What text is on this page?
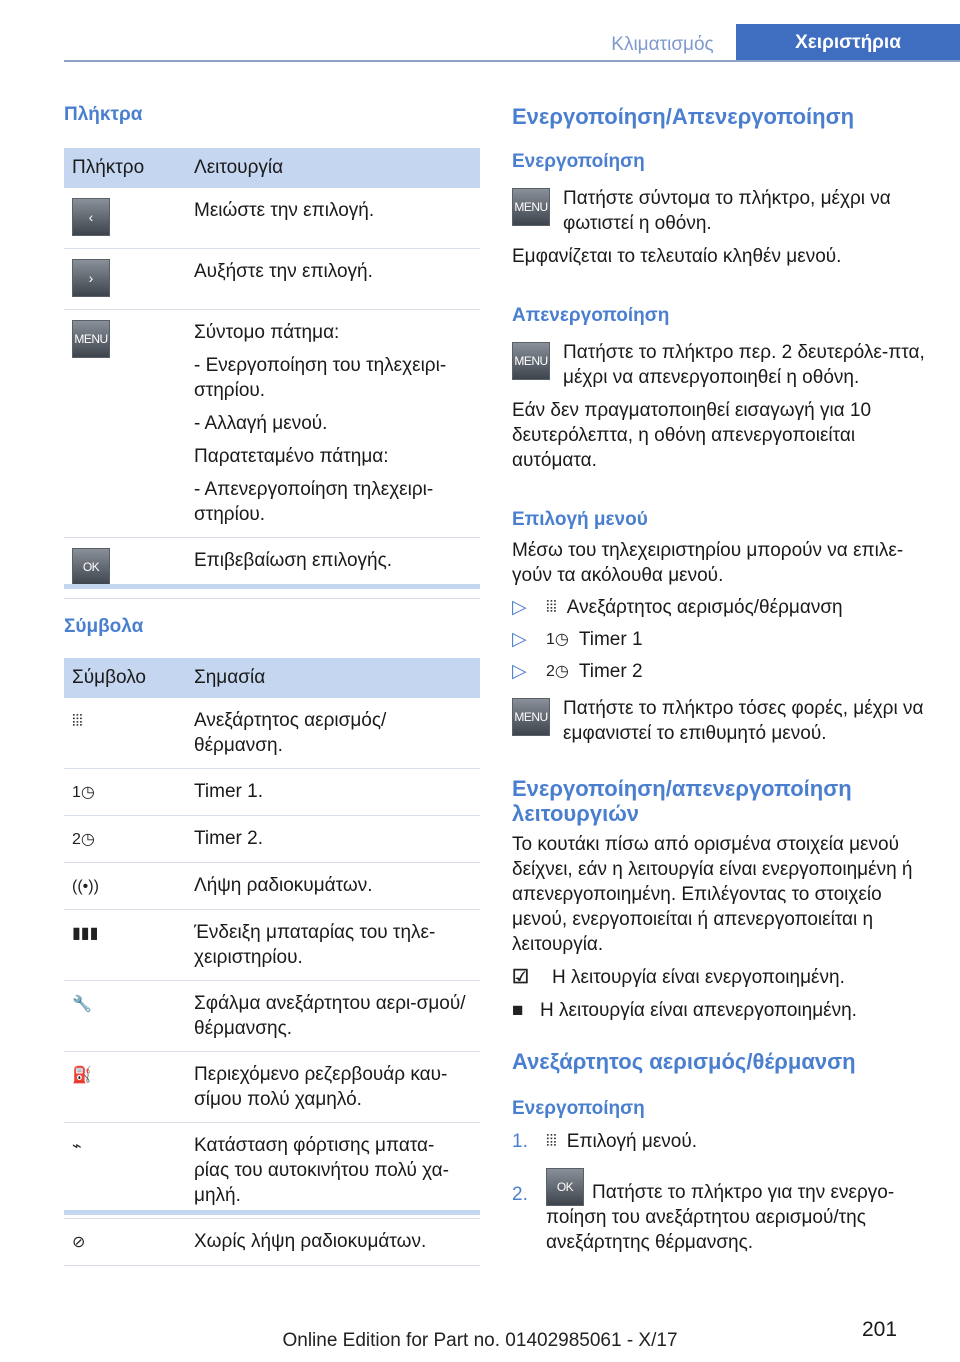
Κλιματισμός	Χειριστήρια
Πλήκτρα
Πλήκτρο	Λειτουργία

‹	Μειώστε την επιλογή.

›	Αυξήστε την επιλογή.

MENU	Σύντομο πάτημα:

- Ενεργοποίηση του τηλεχειρι-στηρίου.

- Αλλαγή μενού.

Παρατεταμένο πάτημα:

- Απενεργοποίηση τηλεχειρι-στηρίου.

OK	Επιβεβαίωση επιλογής.
Σύμβολα
Σύμβολο	Σημασία
⦙⦙⦙	Ανεξάρτητος αερισμός/ θέρμανση.
1◷	Timer 1.
2◷	Timer 2.
((•))	Λήψη ραδιοκυμάτων.
▮▮▮	Ένδειξη μπαταρίας του τηλε-χειριστηρίου.
🔧	Σφάλμα ανεξάρτητου αερι-σμού/θέρμανσης.
⛽	Περιεχόμενο ρεζερβουάρ καυ-σίμου πολύ χαμηλό.
⌁	Κατάσταση φόρτισης μπατα-ρίας του αυτοκινήτου πολύ χα-μηλή.
⊘	Χωρίς λήψη ραδιοκυμάτων.
Ενεργοποίηση/Απενεργοποίηση
Ενεργοποίηση
MENU Πατήστε σύντομα το πλήκτρο, μέχρι να φωτιστεί η οθόνη.
Εμφανίζεται το τελευταίο κληθέν μενού.
Απενεργοποίηση
MENU Πατήστε το πλήκτρο περ. 2 δευτερόλε-πτα, μέχρι να απενεργοποιηθεί η οθόνη.
Εάν δεν πραγματοποιηθεί εισαγωγή για 10 δευτερόλεπτα, η οθόνη απενεργοποιείται αυτόματα.
Επιλογή μενού
Μέσω του τηλεχειριστηρίου μπορούν να επιλε-γούν τα ακόλουθα μενού.
▷	⦙⦙⦙ Ανεξάρτητος αερισμός/θέρμανση
▷	1◷ Timer 1
▷	2◷ Timer 2
MENU Πατήστε το πλήκτρο τόσες φορές, μέχρι να εμφανιστεί το επιθυμητό μενού.
Ενεργοποίηση/απενεργοποίηση λειτουργιών
Το κουτάκι πίσω από ορισμένα στοιχεία μενού δείχνει, εάν η λειτουργία είναι ενεργοποιημένη ή απενεργοποιημένη. Επιλέγοντας το στοιχείο μενού, ενεργοποιείται ή απενεργοποιείται η λειτουργία.
☑	Η λειτουργία είναι ενεργοποιημένη.
■ Η λειτουργία είναι απενεργοποιημένη.
Ανεξάρτητος αερισμός/θέρμανση
Ενεργοποίηση
1.	⦙⦙⦙ Επιλογή μενού.
2.	OK Πατήστε το πλήκτρο για την ενεργο-ποίηση του ανεξάρτητου αερισμού/της ανεξάρτητης θέρμανσης.
Online Edition for Part no. 01402985061 - X/17	201
